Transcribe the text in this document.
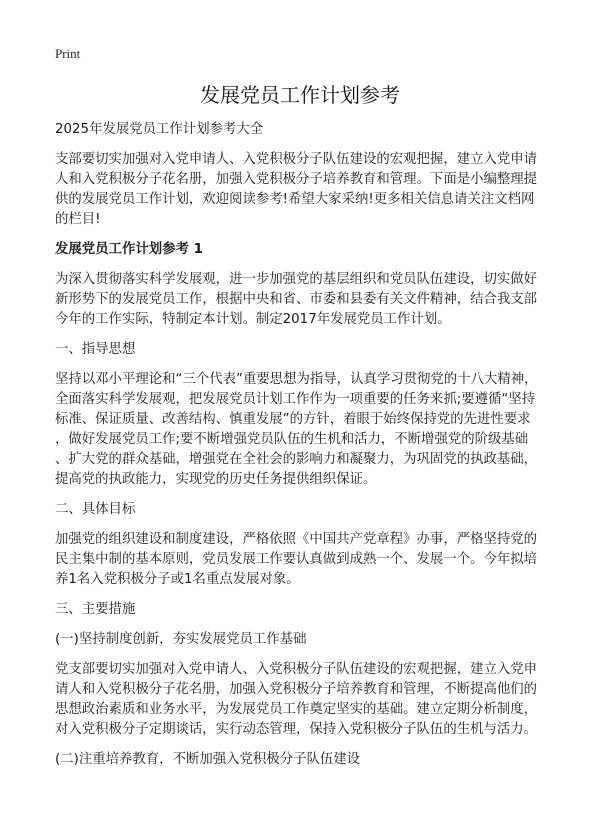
Print
发展党员工作计划参考

2025年发展党员工作计划参考大全

支部要切实加强对入党申请人、入党积极分子队伍建设的宏观把握，建立入党申请
人和入党积极分子花名册，加强入党积极分子培养教育和管理。下面是小编整理提
供的发展党员工作计划，欢迎阅读参考!希望大家采纳!更多相关信息请关注文档网
的栏目!

发展党员工作计划参考 1

为深入贯彻落实科学发展观，进一步加强党的基层组织和党员队伍建设，切实做好
新形势下的发展党员工作，根据中央和省、市委和县委有关文件精神，结合我支部
今年的工作实际，特制定本计划。制定2017年发展党员工作计划。

一、指导思想

坚持以邓小平理论和“三个代表”重要思想为指导，认真学习贯彻党的十八大精神，
全面落实科学发展观，把发展党员计划工作作为一项重要的任务来抓;要遵循“坚持
标准、保证质量、改善结构、慎重发展”的方针，着眼于始终保持党的先进性要求
，做好发展党员工作;要不断增强党员队伍的生机和活力，不断增强党的阶级基础
、扩大党的群众基础，增强党在全社会的影响力和凝聚力，为巩固党的执政基础，
提高党的执政能力，实现党的历史任务提供组织保证。

二、具体目标

加强党的组织建设和制度建设，严格依照《中国共产党章程》办事，严格坚持党的
民主集中制的基本原则，党员发展工作要认真做到成熟一个、发展一个。今年拟培
养1名入党积极分子或1名重点发展对象。

三、主要措施

(一)坚持制度创新，夯实发展党员工作基础

党支部要切实加强对入党申请人、入党积极分子队伍建设的宏观把握，建立入党申
请人和入党积极分子花名册，加强入党积极分子培养教育和管理，不断提高他们的
思想政治素质和业务水平，为发展党员工作奠定坚实的基础。建立定期分析制度，
对入党积极分子定期谈话，实行动态管理，保持入党积极分子队伍的生机与活力。

(二)注重培养教育，不断加强入党积极分子队伍建设
